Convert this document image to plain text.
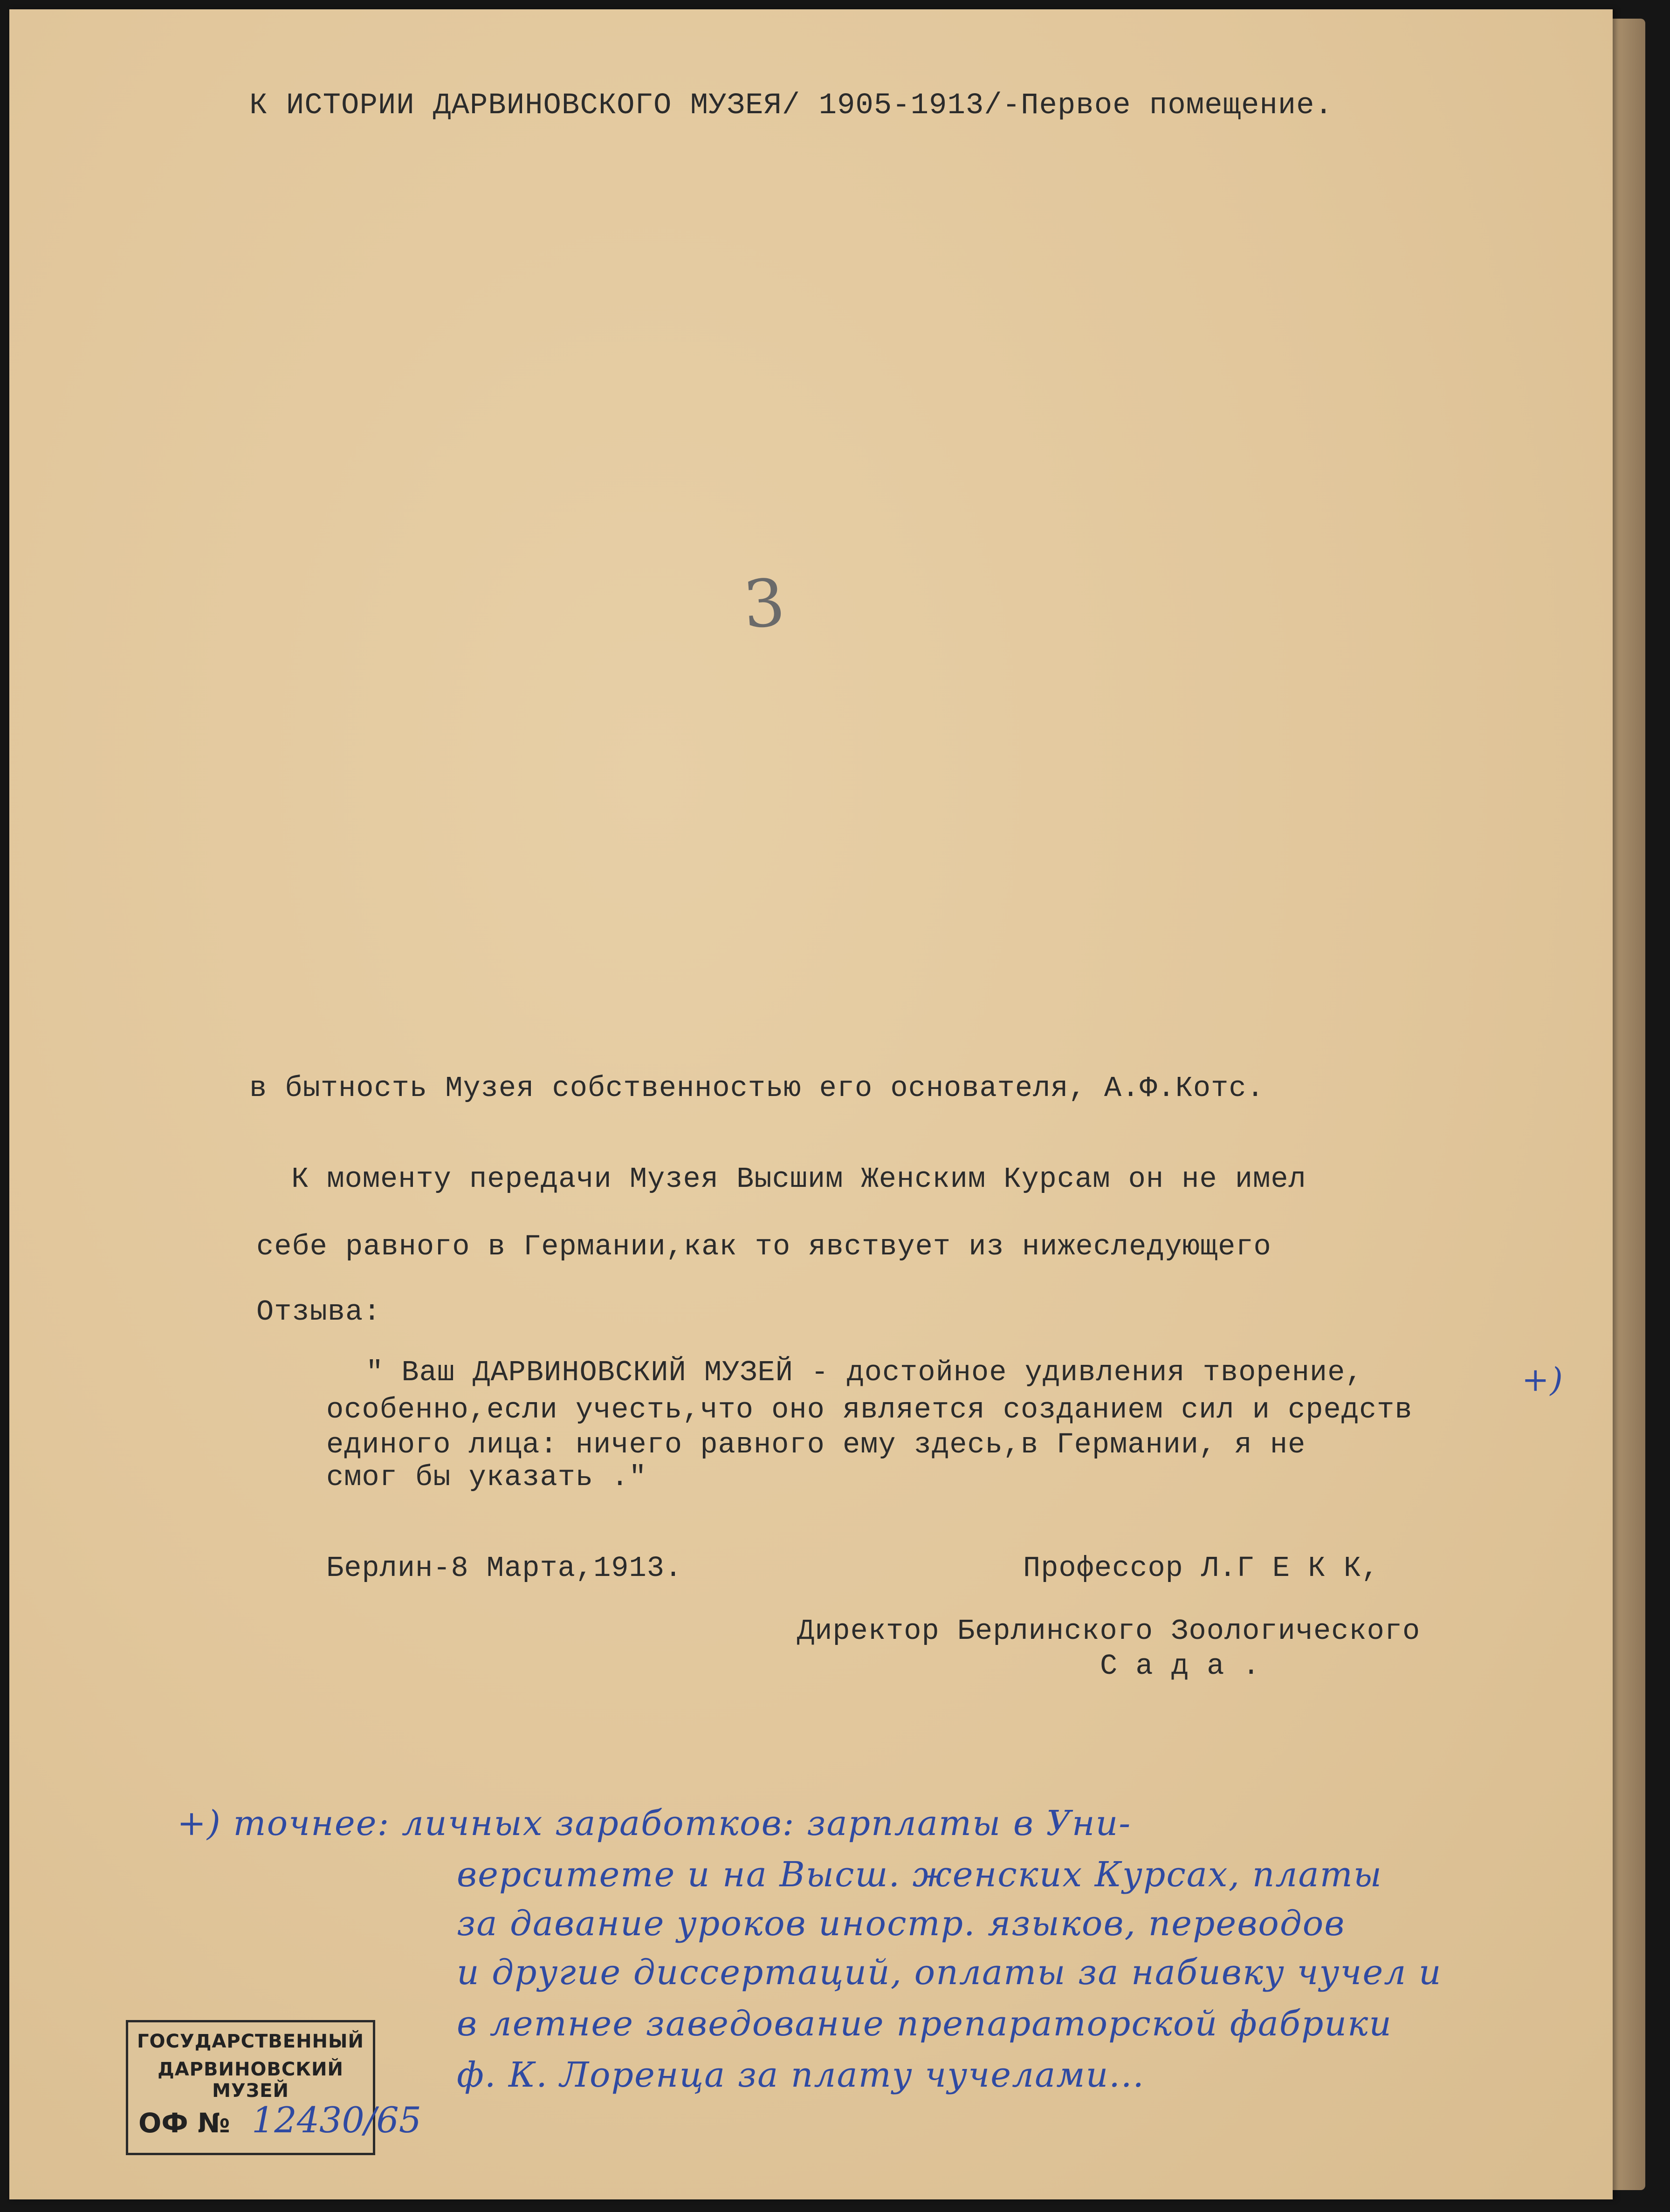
К ИСТОРИИ ДАРВИНОВСКОГО МУЗЕЯ/ 1905-1913/-Первое помещение.
3
в бытность Музея собственностью его основателя, А.Ф.Котс.
К моменту передачи Музея Высшим Женским Курсам он не имел
себе равного в Германии,как то явствует из нижеследующего
Отзыва:
" Ваш ДАРВИНОВСКИЙ МУЗЕЙ - достойное удивления творение,
особенно,если учесть,что оно является созданием сил и средств
единого лица: ничего равного ему здесь,в Германии, я не
смог бы указать ."
+)
Берлин-8 Марта,1913.	Профессор Л.Г Е К К,
Директор Берлинского Зоологического
С а д а .
+) точнее: личных заработков: зарплаты в Уни-
верситете и на Высш. женских Курсах, платы
за давание уроков иностр. языков, переводов
и другие диссертаций, оплаты за набивку чучел и
в летнее заведование препараторской фабрики
ф. К. Лоренца за плату чучелами...
ГОСУДАРСТВЕННЫЙ
ДАРВИНОВСКИЙ МУЗЕЙ
ОФ № 12430/65
